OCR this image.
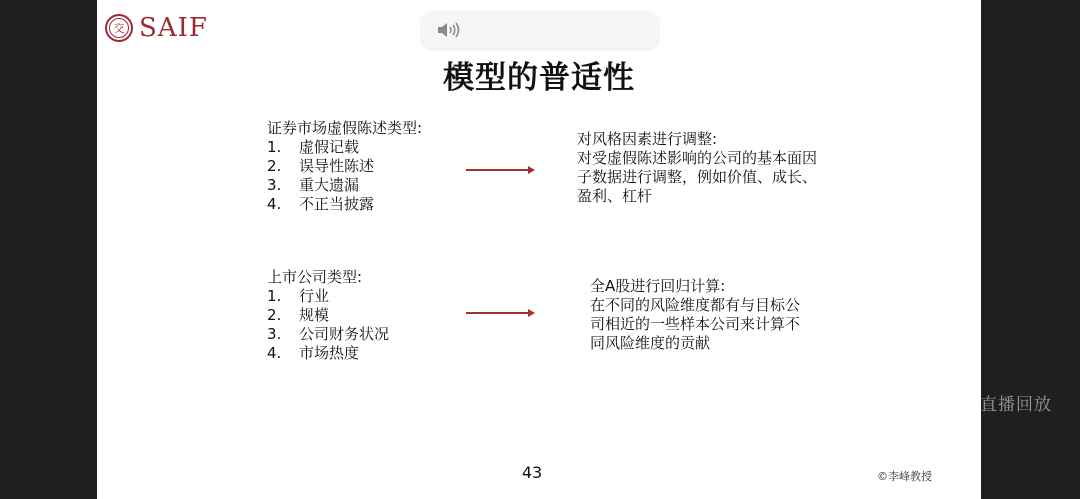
交 SAIF
模型的普适性
证券市场虚假陈述类型:
1.	虚假记载
2.	误导性陈述
3.	重大遗漏
4.	不正当披露

对风格因素进行调整:

对受虚假陈述影响的公司的基本面因

子数据进行调整，例如价值、成长、

盈利、杠杆

上市公司类型:
1.	行业
2.	规模
3.	公司财务状况
4.	市场热度

全A股进行回归计算:

在不同的风险维度都有与目标公

司相近的一些样本公司来计算不

同风险维度的贡献

43	©李峰教授
直播回放
